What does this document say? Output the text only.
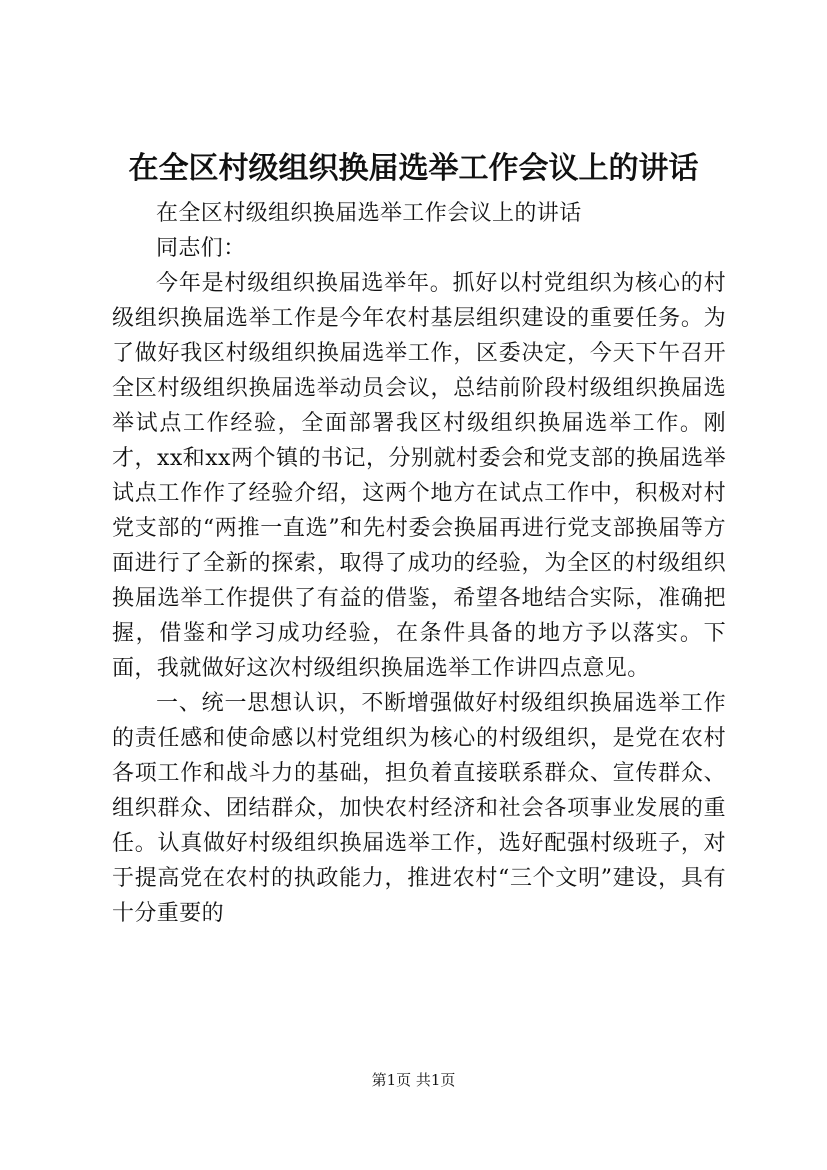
在全区村级组织换届选举工作会议上的讲话

在全区村级组织换届选举工作会议上的讲话

同志们：

今年是村级组织换届选举年。抓好以村党组织为核心的村级组织换届选举工作是今年农村基层组织建设的重要任务。为了做好我区村级组织换届选举工作，区委决定，今天下午召开全区村级组织换届选举动员会议，总结前阶段村级组织换届选举试点工作经验，全面部署我区村级组织换届选举工作。刚才，xx和xx两个镇的书记，分别就村委会和党支部的换届选举试点工作作了经验介绍，这两个地方在试点工作中，积极对村党支部的“两推一直选”和先村委会换届再进行党支部换届等方面进行了全新的探索，取得了成功的经验，为全区的村级组织换届选举工作提供了有益的借鉴，希望各地结合实际，准确把握，借鉴和学习成功经验，在条件具备的地方予以落实。下面，我就做好这次村级组织换届选举工作讲四点意见。

一、统一思想认识，不断增强做好村级组织换届选举工作的责任感和使命感以村党组织为核心的村级组织，是党在农村各项工作和战斗力的基础，担负着直接联系群众、宣传群众、组织群众、团结群众，加快农村经济和社会各项事业发展的重任。认真做好村级组织换届选举工作，选好配强村级班子，对于提高党在农村的执政能力，推进农村“三个文明”建设，具有十分重要的

第1页 共1页
